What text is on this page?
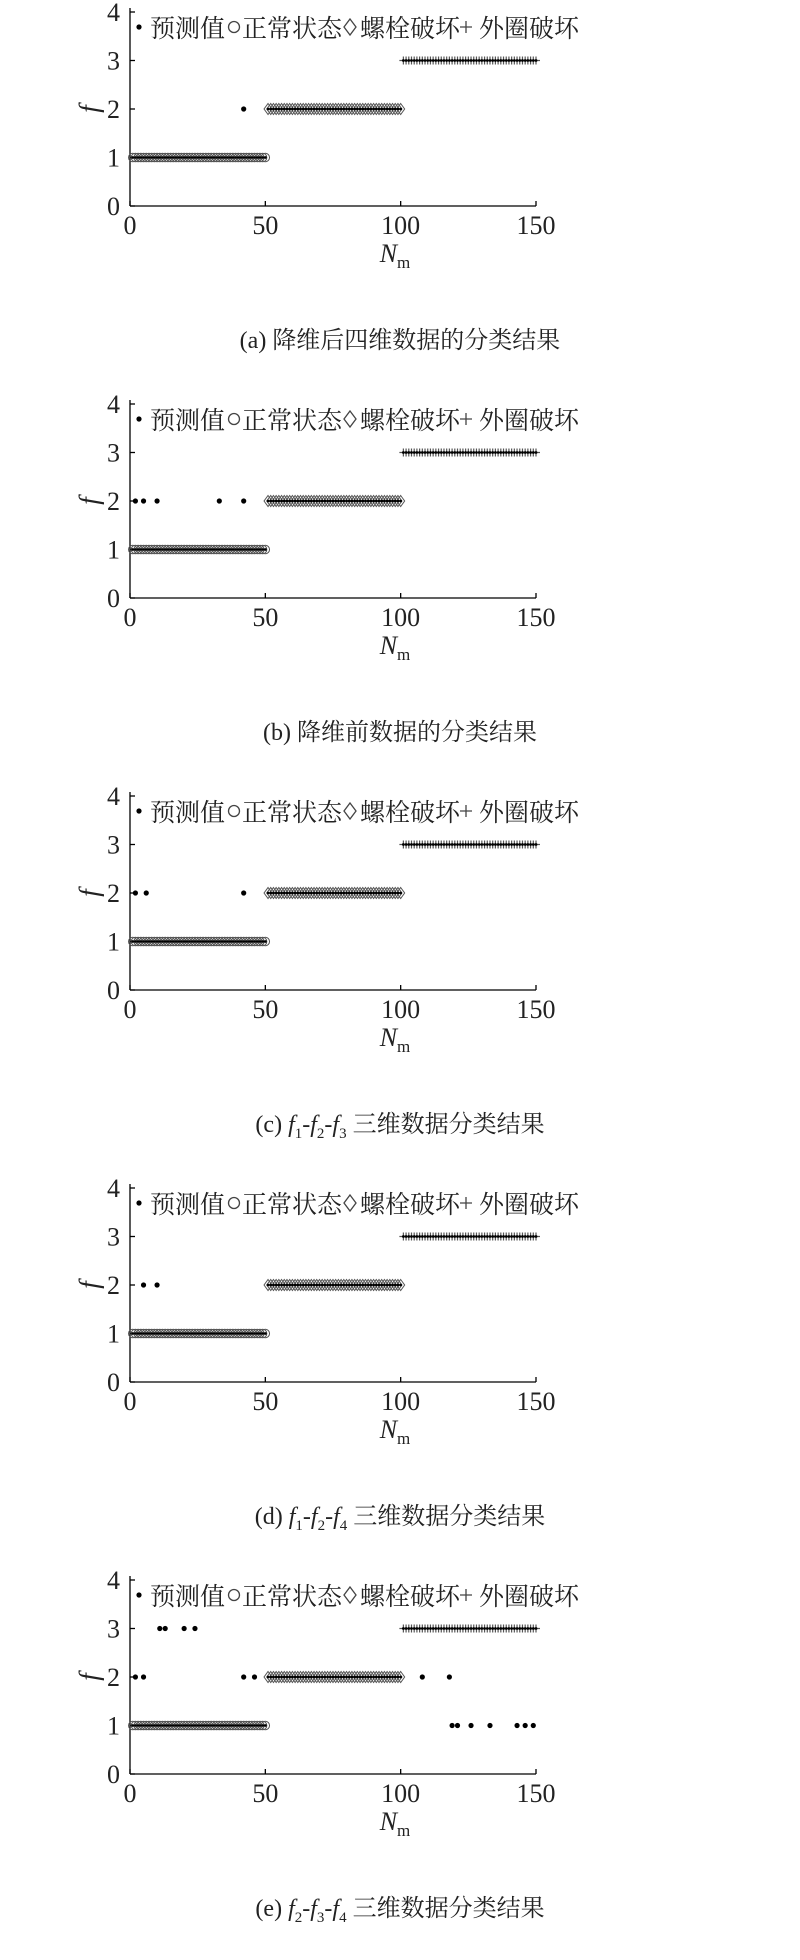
0
1
2
3
4
0	50	100	150
f
$N_m$
预测值 正常状态 螺栓破坏 外圈破坏
(a) 降维后四维数据的分类结果
0
1
2
3
4
0	50	100	150
f
$N_m$
预测值 正常状态 螺栓破坏 外圈破坏
(b) 降维前数据的分类结果
0
1
2
3
4
0	50	100	150
f
$N_m$
预测值 正常状态 螺栓破坏 外圈破坏
(c) $f_1-f_2-f_3$ 三维数据分类结果
0
1
2
3
4
0	50	100	150
f
$N_m$
预测值 正常状态 螺栓破坏 外圈破坏
(d) $f_1-f_2-f_4$ 三维数据分类结果
0
1
2
3
4
0	50	100	150
f
$N_m$
预测值 正常状态 螺栓破坏 外圈破坏
(e) $f_2-f_3-f_4$ 三维数据分类结果
